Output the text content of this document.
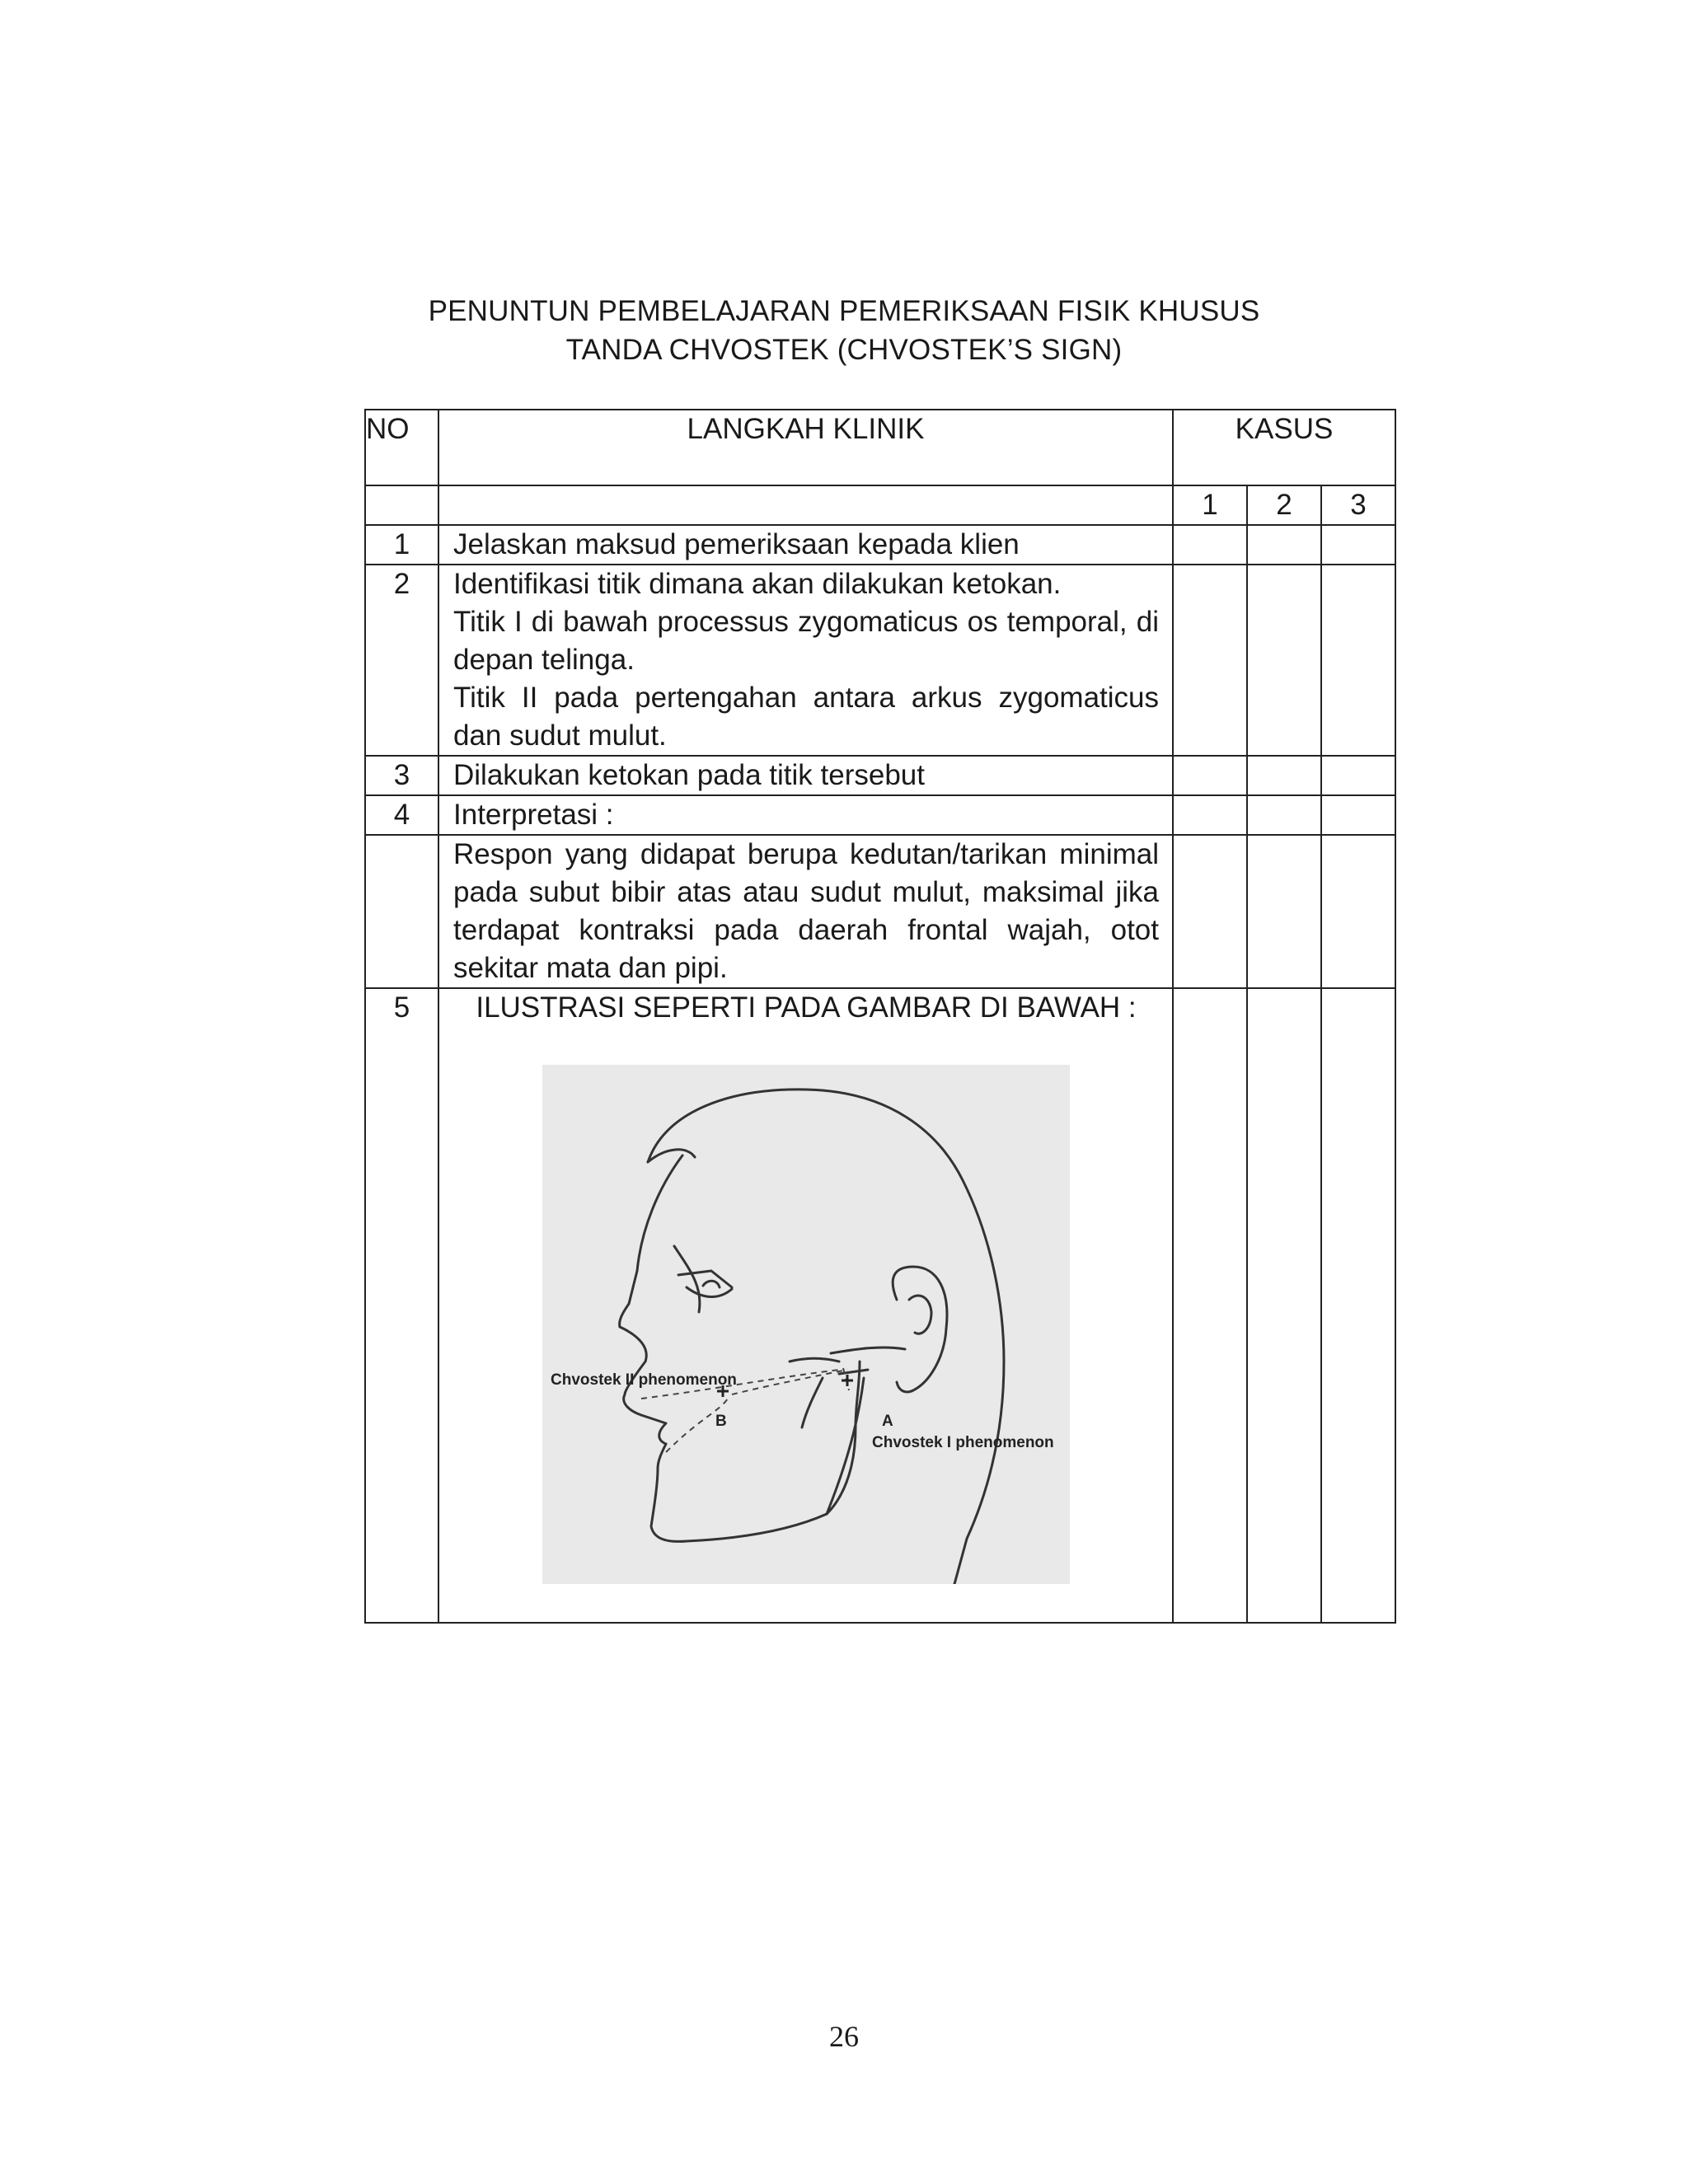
PENUNTUN PEMBELAJARAN PEMERIKSAAN FISIK KHUSUS
TANDA CHVOSTEK (CHVOSTEK’S SIGN)
NO	LANGKAH KLINIK	KASUS		
		1	2	3
1	Jelaskan maksud pemeriksaan kepada klien			

2	Identifikasi titik dimana akan dilakukan ketokan.
Titik I di bawah processus zygomaticus os temporal, di depan telinga.
Titik II pada pertengahan antara arkus zygomaticus dan sudut mulut.			

3	Dilakukan ketokan pada titik tersebut			

4	Interpretasi :			

	Respon yang didapat berupa kedutan/tarikan minimal pada subut bibir atas atau sudut mulut, maksimal jika terdapat kontraksi pada daerah frontal wajah, otot sekitar mata dan pipi.			

5	ILUSTRASI SEPERTI PADA GAMBAR DI BAWAH :
Chvostek II phenomenon
B A
Chvostek I phenomenon			

26
